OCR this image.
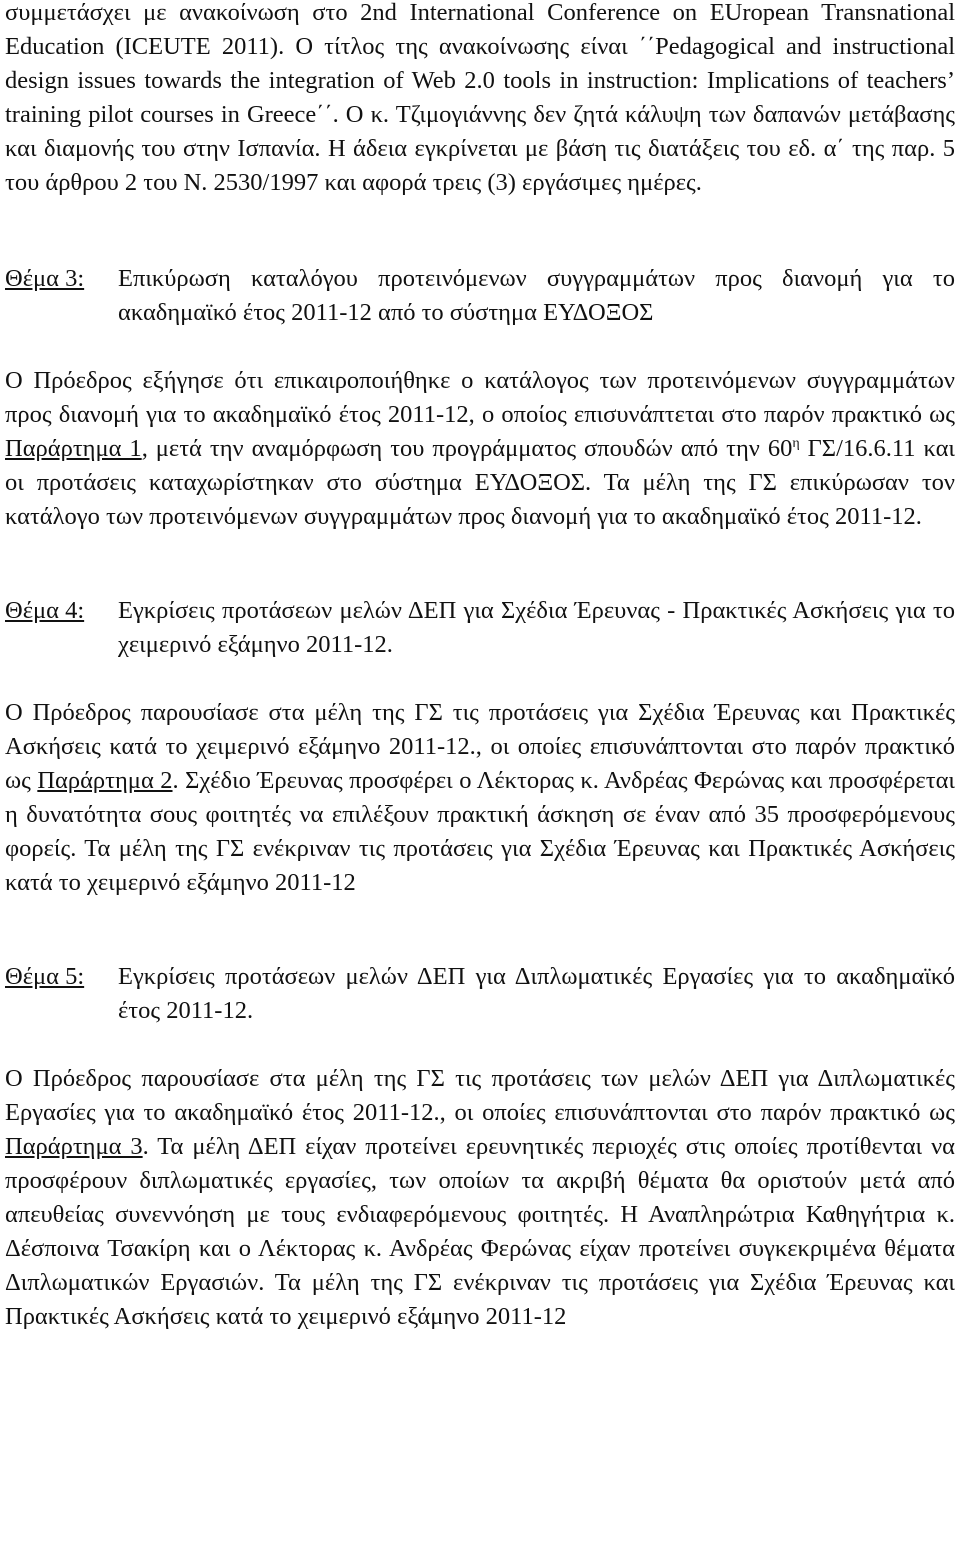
συμμετάσχει με ανακοίνωση στο 2nd International Conference on EUropean Transnational Education (ICEUTE 2011). Ο τίτλος της ανακοίνωσης είναι ΄΄Pedagogical and instructional design issues towards the integration of Web 2.0 tools in instruction: Implications of teachers’ training pilot courses in Greece΄΄. Ο κ. Τζιμογιάννης δεν ζητά κάλυψη των δαπανών μετάβασης και διαμονής του στην Ισπανία. Η άδεια εγκρίνεται με βάση τις διατάξεις του εδ. α΄ της παρ. 5 του άρθρου 2 του Ν. 2530/1997 και αφορά τρεις (3) εργάσιμες ημέρες.

Θέμα 3:	Επικύρωση καταλόγου προτεινόμενων συγγραμμάτων προς διανομή για το ακαδημαϊκό έτος 2011-12 από το σύστημα ΕΥΔΟΞΟΣ

Ο Πρόεδρος εξήγησε ότι επικαιροποιήθηκε ο κατάλογος των προτεινόμενων συγγραμμάτων προς διανομή για το ακαδημαϊκό έτος 2011-12, ο οποίος επισυνάπτεται στο παρόν πρακτικό ως Παράρτημα 1, μετά την αναμόρφωση του προγράμματος σπουδών από την $60^\eta$ ΓΣ/16.6.11 και οι προτάσεις καταχωρίστηκαν στο σύστημα ΕΥΔΟΞΟΣ. Τα μέλη της ΓΣ επικύρωσαν τον κατάλογο των προτεινόμενων συγγραμμάτων προς διανομή για το ακαδημαϊκό έτος 2011-12.

Θέμα 4:	Εγκρίσεις προτάσεων μελών ΔΕΠ για Σχέδια Έρευνας - Πρακτικές Ασκήσεις για το χειμερινό εξάμηνο 2011-12.

Ο Πρόεδρος παρουσίασε στα μέλη της ΓΣ τις προτάσεις για Σχέδια Έρευνας και Πρακτικές Ασκήσεις κατά το χειμερινό εξάμηνο 2011-12., οι οποίες επισυνάπτονται στο παρόν πρακτικό ως Παράρτημα 2. Σχέδιο Έρευνας προσφέρει ο Λέκτορας κ. Ανδρέας Φερώνας και προσφέρεται η δυνατότητα σους φοιτητές να επιλέξουν πρακτική άσκηση σε έναν από 35 προσφερόμενους φορείς. Τα μέλη της ΓΣ ενέκριναν τις προτάσεις για Σχέδια Έρευνας και Πρακτικές Ασκήσεις κατά το χειμερινό εξάμηνο 2011-12

Θέμα 5:	Εγκρίσεις προτάσεων μελών ΔΕΠ για Διπλωματικές Εργασίες για το ακαδημαϊκό έτος 2011-12.

Ο Πρόεδρος παρουσίασε στα μέλη της ΓΣ τις προτάσεις των μελών ΔΕΠ για Διπλωματικές Εργασίες για το ακαδημαϊκό έτος 2011-12., οι οποίες επισυνάπτονται στο παρόν πρακτικό ως Παράρτημα 3. Τα μέλη ΔΕΠ είχαν προτείνει ερευνητικές περιοχές στις οποίες προτίθενται να προσφέρουν διπλωματικές εργασίες, των οποίων τα ακριβή θέματα θα οριστούν μετά από απευθείας συνεννόηση με τους ενδιαφερόμενους φοιτητές. Η Αναπληρώτρια Καθηγήτρια κ. Δέσποινα Τσακίρη και ο Λέκτορας κ. Ανδρέας Φερώνας είχαν προτείνει συγκεκριμένα θέματα Διπλωματικών Εργασιών. Τα μέλη της ΓΣ ενέκριναν τις προτάσεις για Σχέδια Έρευνας και Πρακτικές Ασκήσεις κατά το χειμερινό εξάμηνο 2011-12
